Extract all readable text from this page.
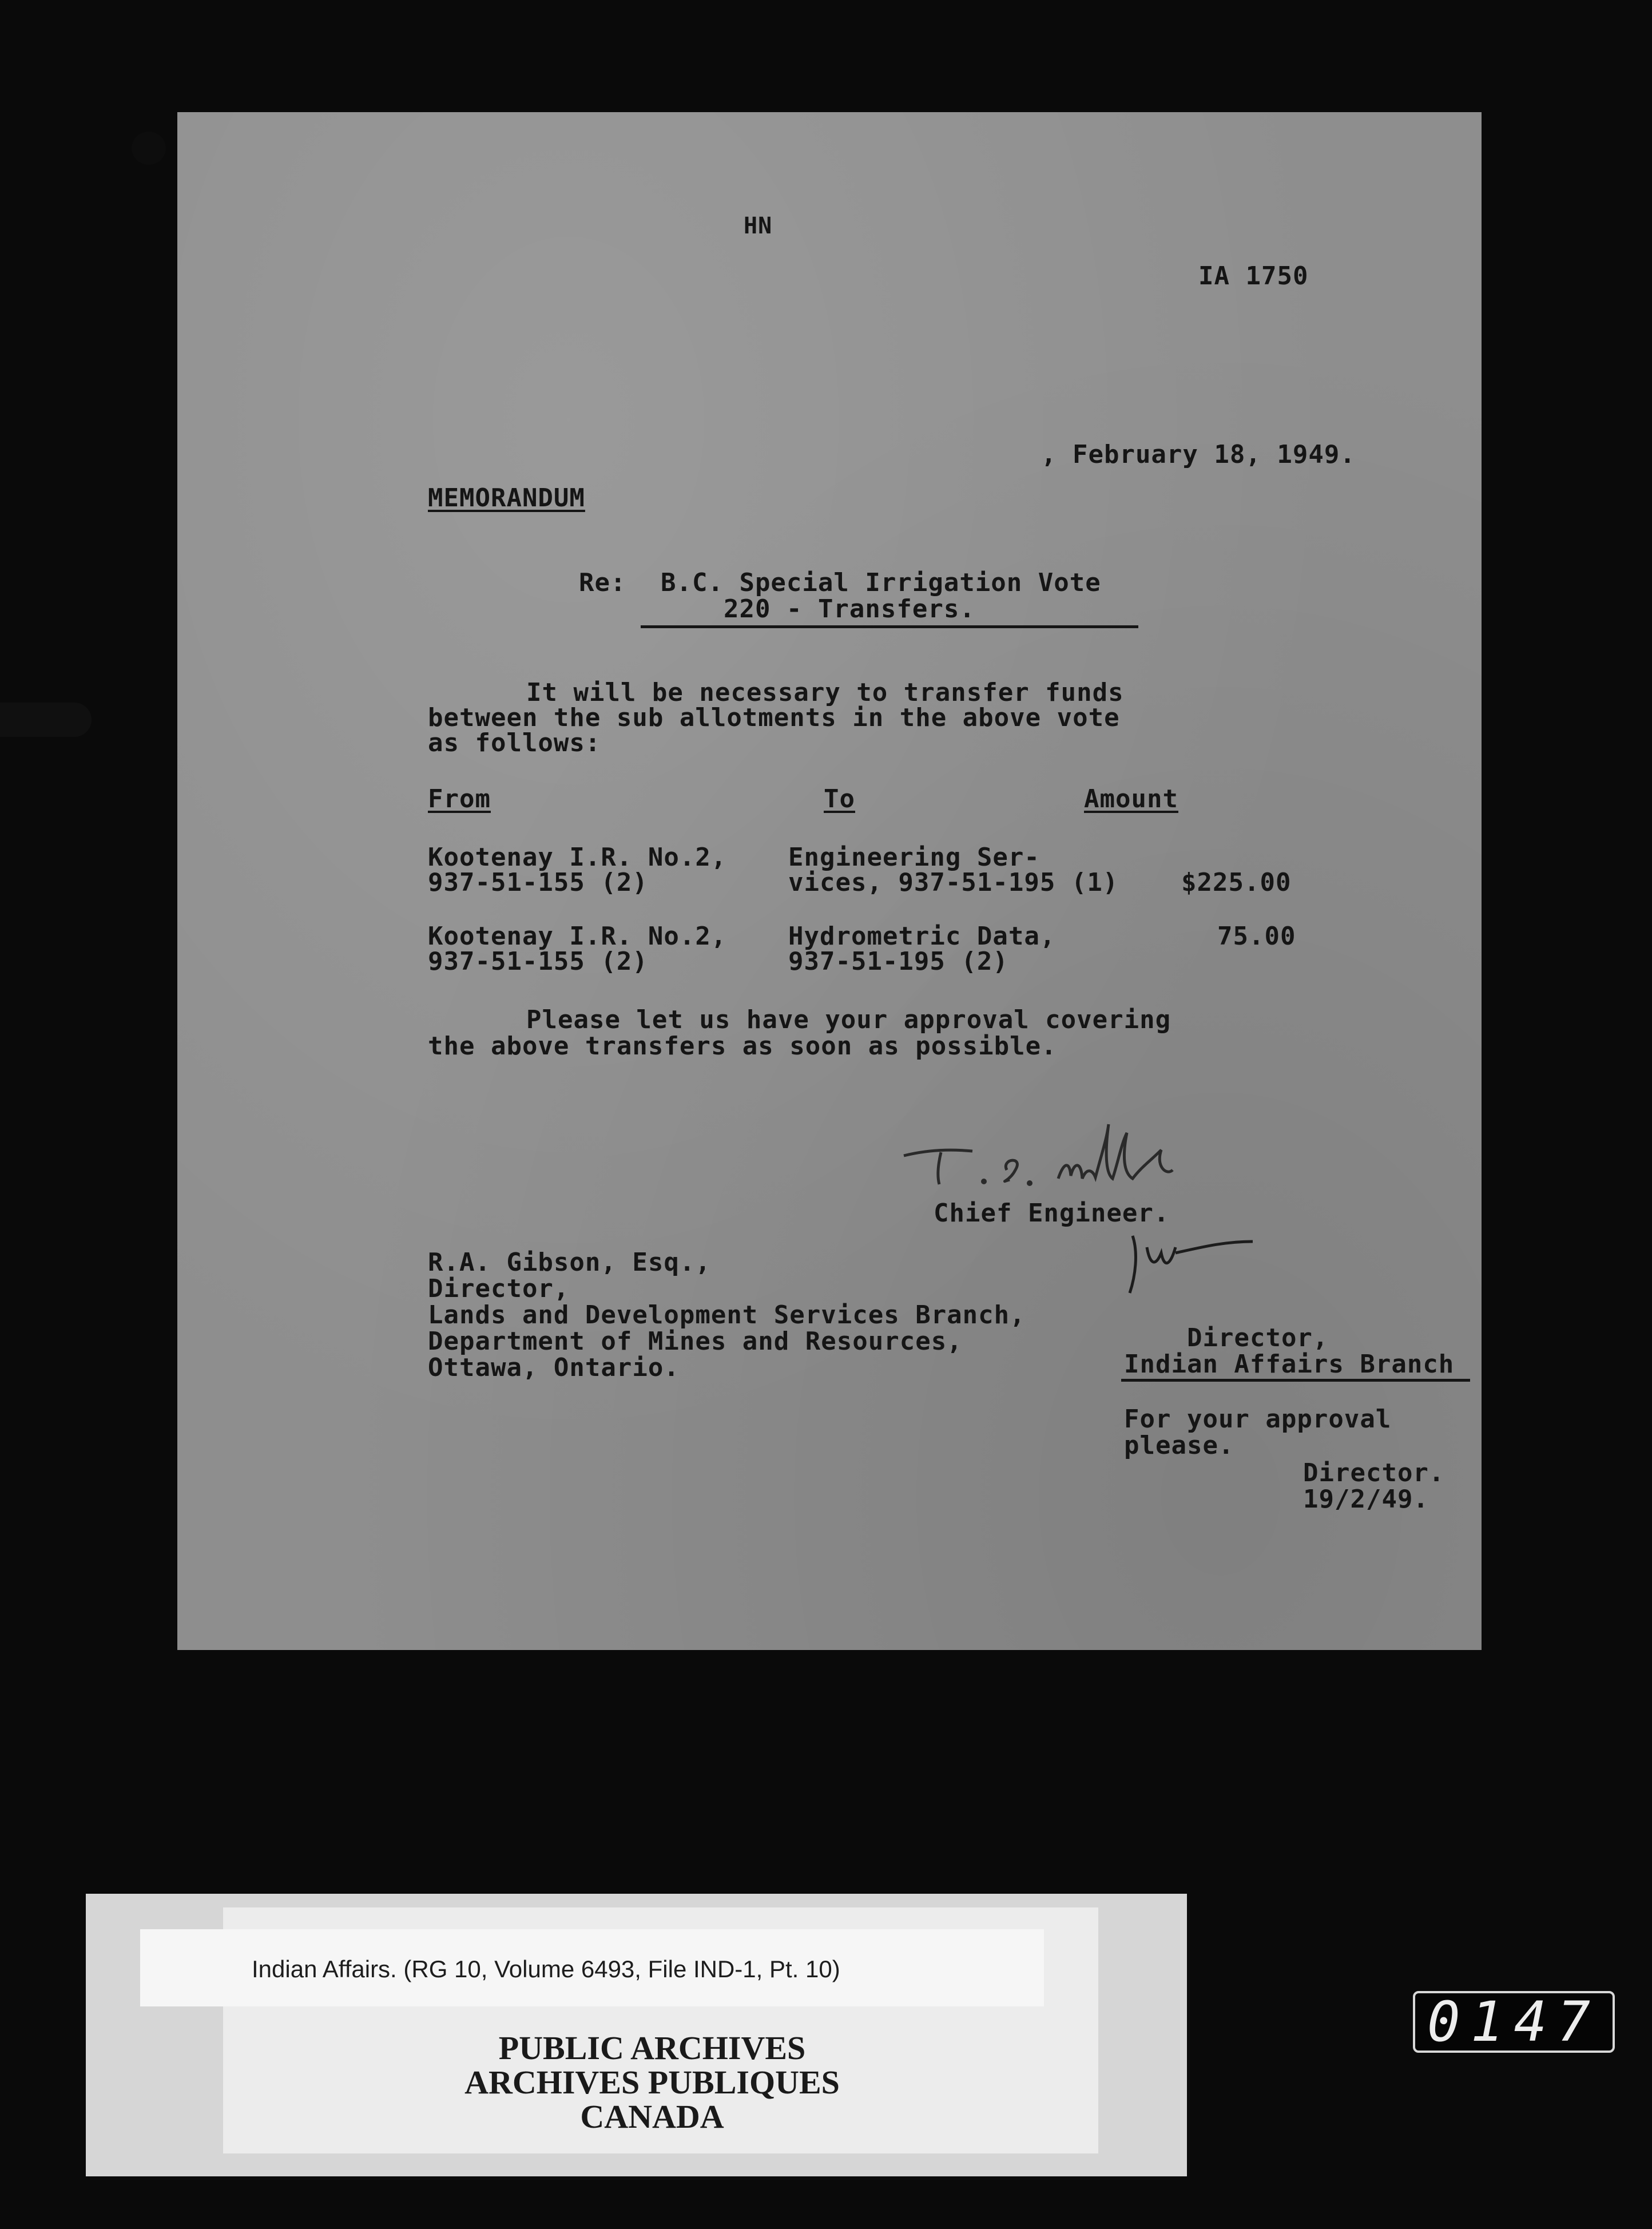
HN
IA 1750
, February 18, 1949.
MEMORANDUM
Re: B.C. Special Irrigation Vote
220 - Transfers.
It will be necessary to transfer funds
between the sub allotments in the above vote
as follows:
From	To	Amount
Kootenay I.R. No.2,
937-51-155 (2)
Engineering Ser-
vices, 937-51-195 (1) $225.00
Kootenay I.R. No.2,
937-51-155 (2)
Hydrometric Data,
937-51-195 (2)
75.00
Please let us have your approval covering
the above transfers as soon as possible.
Chief Engineer.
R.A. Gibson, Esq.,
Director,
Lands and Development Services Branch,
Department of Mines and Resources,
Ottawa, Ontario.
Director,
Indian Affairs Branch
For your approval
please.
Director.
19/2/49.
Indian Affairs. (RG 10, Volume 6493, File IND-1, Pt. 10)
PUBLIC ARCHIVES
ARCHIVES PUBLIQUES
CANADA
0147
